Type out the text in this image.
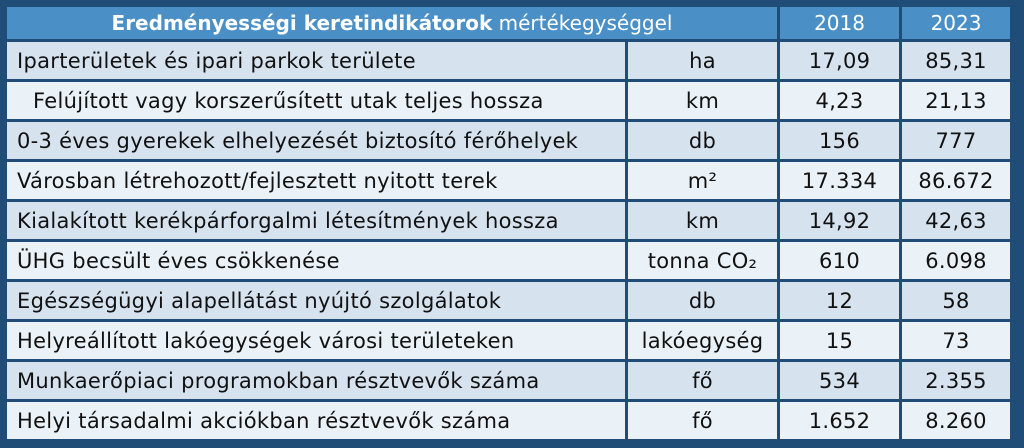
Eredményességi keretindikátorok mértékegységgel		2018	2023
Iparterületek és ipari parkok területe	ha	17,09	85,31
Felújított vagy korszerűsített utak teljes hossza	km	4,23	21,13
0-3 éves gyerekek elhelyezését biztosító férőhelyek	db	156	777
Városban létrehozott/fejlesztett nyitott terek	m²	17.334	86.672
Kialakított kerékpárforgalmi létesítmények hossza	km	14,92	42,63
ÜHG becsült éves csökkenése	tonna CO₂	610	6.098
Egészségügyi alapellátást nyújtó szolgálatok	db	12	58
Helyreállított lakóegységek városi területeken	lakóegység	15	73
Munkaerőpiaci programokban résztvevők száma	fő	534	2.355
Helyi társadalmi akciókban résztvevők száma	fő	1.652	8.260
